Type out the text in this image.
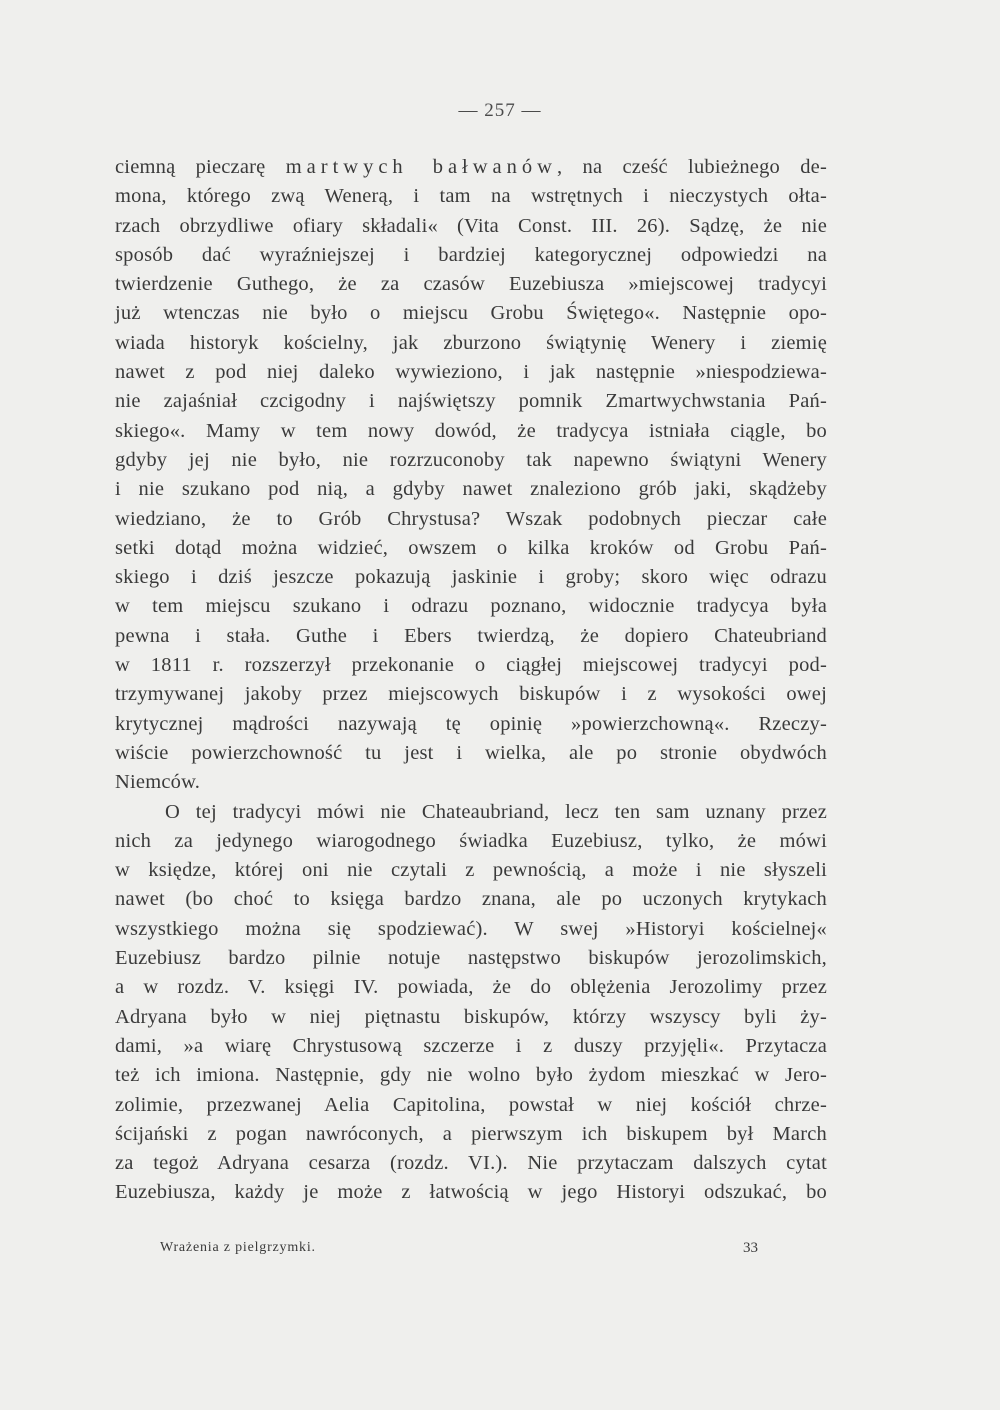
— 257 —
ciemną pieczarę martwych bałwanów, na cześć lubieżnego de-
mona, którego zwą Wenerą, i tam na wstrętnych i nieczystych ołta-
rzach obrzydliwe ofiary składali« (Vita Const. III. 26). Sądzę, że nie
sposób dać wyraźniejszej i bardziej kategorycznej odpowiedzi na
twierdzenie Guthego, że za czasów Euzebiusza »miejscowej tradycyi
już wtenczas nie było o miejscu Grobu Świętego«. Następnie opo-
wiada historyk kościelny, jak zburzono świątynię Wenery i ziemię
nawet z pod niej daleko wywieziono, i jak następnie »niespodziewa-
nie zajaśniał czcigodny i najświętszy pomnik Zmartwychwstania Pań-
skiego«. Mamy w tem nowy dowód, że tradycya istniała ciągle, bo
gdyby jej nie było, nie rozrzuconoby tak napewno świątyni Wenery
i nie szukano pod nią, a gdyby nawet znaleziono grób jaki, skądżeby
wiedziano, że to Grób Chrystusa? Wszak podobnych pieczar całe
setki dotąd można widzieć, owszem o kilka kroków od Grobu Pań-
skiego i dziś jeszcze pokazują jaskinie i groby; skoro więc odrazu
w tem miejscu szukano i odrazu poznano, widocznie tradycya była
pewna i stała. Guthe i Ebers twierdzą, że dopiero Chateubriand
w 1811 r. rozszerzył przekonanie o ciągłej miejscowej tradycyi pod-
trzymywanej jakoby przez miejscowych biskupów i z wysokości owej
krytycznej mądrości nazywają tę opinię »powierzchowną«. Rzeczy-
wiście powierzchowność tu jest i wielka, ale po stronie obydwóch
Niemców.
O tej tradycyi mówi nie Chateaubriand, lecz ten sam uznany przez
nich za jedynego wiarogodnego świadka Euzebiusz, tylko, że mówi
w księdze, której oni nie czytali z pewnością, a może i nie słyszeli
nawet (bo choć to księga bardzo znana, ale po uczonych krytykach
wszystkiego można się spodziewać). W swej »Historyi kościelnej«
Euzebiusz bardzo pilnie notuje następstwo biskupów jerozolimskich,
a w rozdz. V. księgi IV. powiada, że do oblężenia Jerozolimy przez
Adryana było w niej piętnastu biskupów, którzy wszyscy byli ży-
dami, »a wiarę Chrystusową szczerze i z duszy przyjęli«. Przytacza
też ich imiona. Następnie, gdy nie wolno było żydom mieszkać w Jero-
zolimie, przezwanej Aelia Capitolina, powstał w niej kościół chrze-
ścijański z pogan nawróconych, a pierwszym ich biskupem był March
za tegoż Adryana cesarza (rozdz. VI.). Nie przytaczam dalszych cytat
Euzebiusza, każdy je może z łatwością w jego Historyi odszukać, bo
Wrażenia z pielgrzymki.	33
